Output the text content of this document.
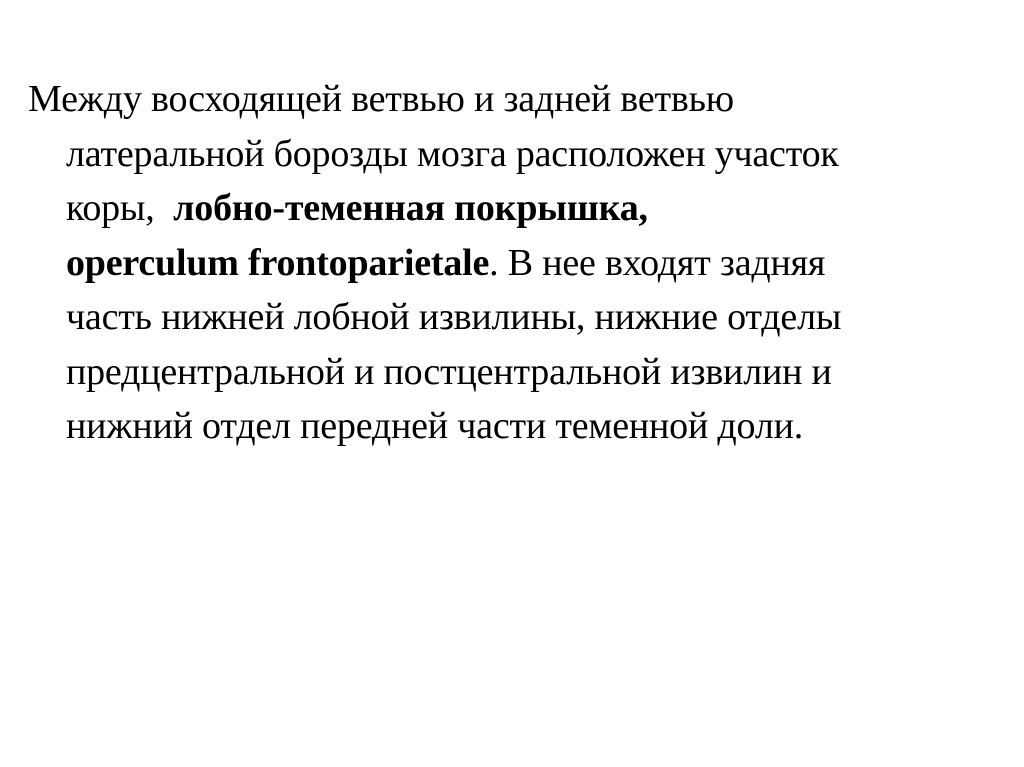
Между восходящей ветвью и задней ветвью
латеральной борозды мозга расположен участок
коры,  лобно-теменная покрышка,
operculum frontoparietale. В нее входят задняя
часть нижней лобной извилины, нижние отделы
предцентральной и постцентральной извилин и
нижний отдел передней части теменной доли.
